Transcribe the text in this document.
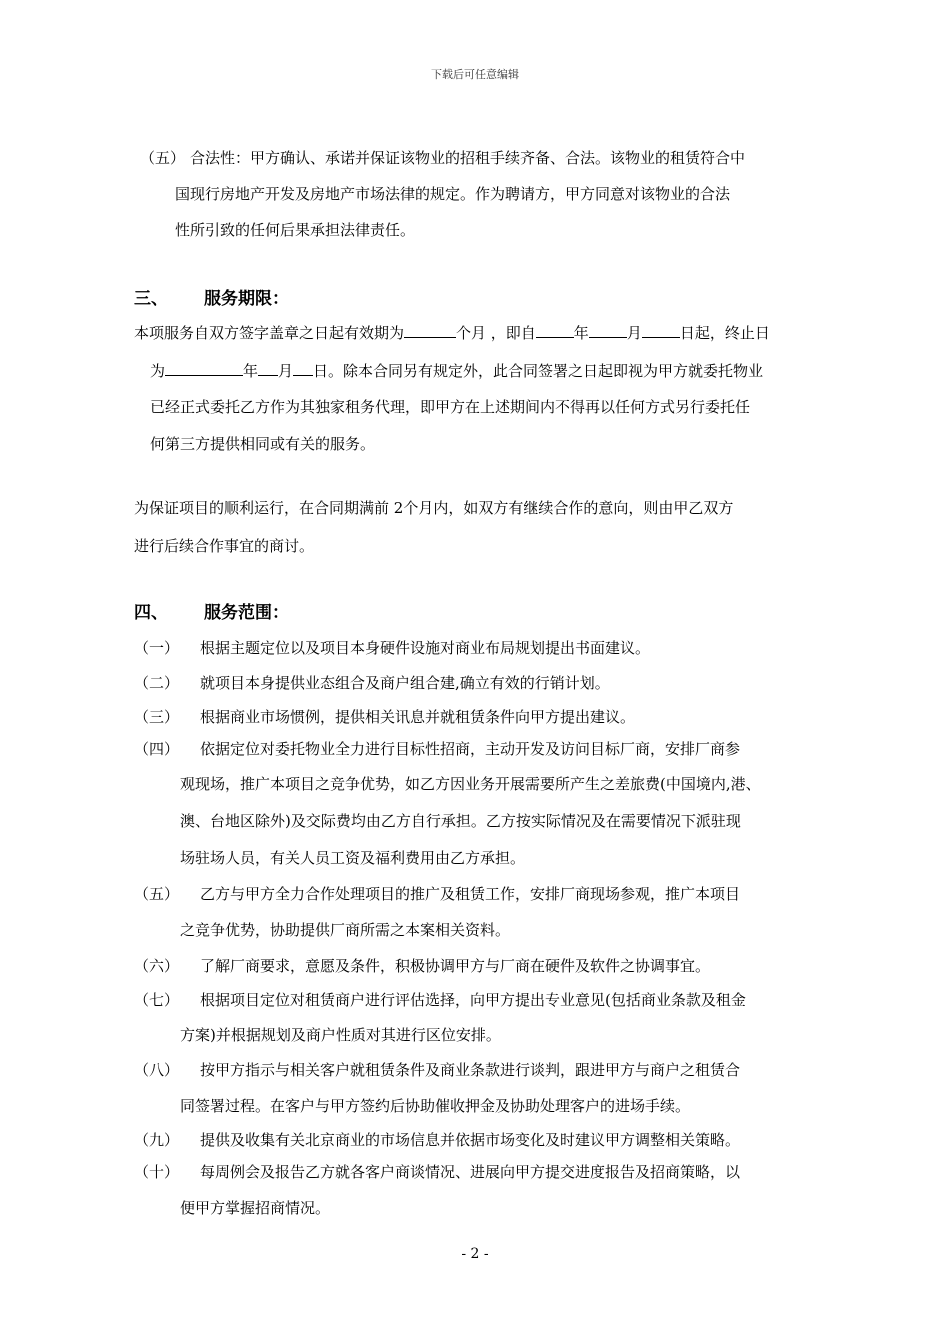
下载后可任意编辑
（五） 合法性：甲方确认、承诺并保证该物业的招租手续齐备、合法。该物业的租赁符合中
国现行房地产开发及房地产市场法律的规定。作为聘请方，甲方同意对该物业的合法
性所引致的任何后果承担法律责任。
三、 服务期限：
本项服务自双方签字盖章之日起有效期为	个月 ，即自	年	月	日起，终止日
为	年 月 日。除本合同另有规定外，此合同签署之日起即视为甲方就委托物业
已经正式委托乙方作为其独家租务代理，即甲方在上述期间内不得再以任何方式另行委托任
何第三方提供相同或有关的服务。
为保证项目的顺利运行，在合同期满前 2个月内，如双方有继续合作的意向，则由甲乙双方
进行后续合作事宜的商讨。
四、 服务范围：
（一） 根据主题定位以及项目本身硬件设施对商业布局规划提出书面建议。
（二） 就项目本身提供业态组合及商户组合建,确立有效的行销计划。
（三） 根据商业市场惯例，提供相关讯息并就租赁条件向甲方提出建议。
（四） 依据定位对委托物业全力进行目标性招商，主动开发及访问目标厂商，安排厂商参
观现场，推广本项目之竞争优势，如乙方因业务开展需要所产生之差旅费(中国境内,港、
澳、台地区除外)及交际费均由乙方自行承担。乙方按实际情况及在需要情况下派驻现
场驻场人员，有关人员工资及福利费用由乙方承担。
（五） 乙方与甲方全力合作处理项目的推广及租赁工作，安排厂商现场参观，推广本项目
之竞争优势，协助提供厂商所需之本案相关资料。
（六） 了解厂商要求，意愿及条件，积极协调甲方与厂商在硬件及软件之协调事宜。
（七） 根据项目定位对租赁商户进行评估选择，向甲方提出专业意见(包括商业条款及租金
方案)并根据规划及商户性质对其进行区位安排。
（八） 按甲方指示与相关客户就租赁条件及商业条款进行谈判，跟进甲方与商户之租赁合
同签署过程。在客户与甲方签约后协助催收押金及协助处理客户的进场手续。
（九） 提供及收集有关北京商业的市场信息并依据市场变化及时建议甲方调整相关策略。
（十） 每周例会及报告乙方就各客户商谈情况、进展向甲方提交进度报告及招商策略，以
便甲方掌握招商情况。
- 2 -
